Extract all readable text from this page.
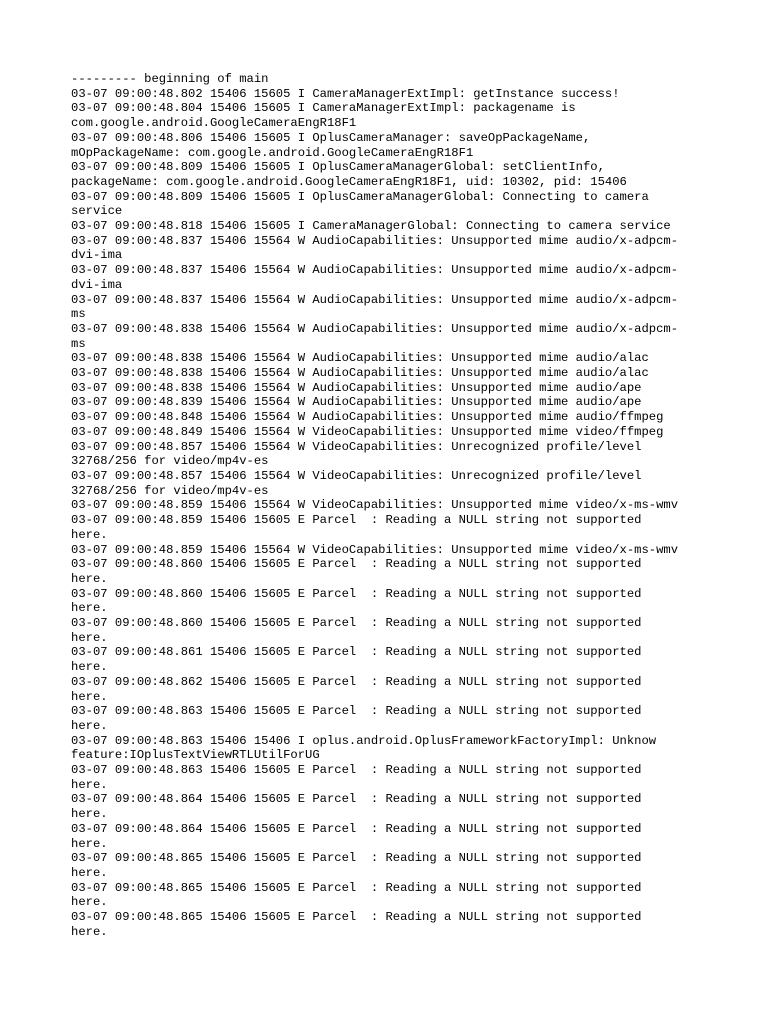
--------- beginning of main
03-07 09:00:48.802 15406 15605 I CameraManagerExtImpl: getInstance success!
03-07 09:00:48.804 15406 15605 I CameraManagerExtImpl: packagename is
com.google.android.GoogleCameraEngR18F1
03-07 09:00:48.806 15406 15605 I OplusCameraManager: saveOpPackageName,
mOpPackageName: com.google.android.GoogleCameraEngR18F1
03-07 09:00:48.809 15406 15605 I OplusCameraManagerGlobal: setClientInfo,
packageName: com.google.android.GoogleCameraEngR18F1, uid: 10302, pid: 15406
03-07 09:00:48.809 15406 15605 I OplusCameraManagerGlobal: Connecting to camera
service
03-07 09:00:48.818 15406 15605 I CameraManagerGlobal: Connecting to camera service
03-07 09:00:48.837 15406 15564 W AudioCapabilities: Unsupported mime audio/x-adpcm-
dvi-ima
03-07 09:00:48.837 15406 15564 W AudioCapabilities: Unsupported mime audio/x-adpcm-
dvi-ima
03-07 09:00:48.837 15406 15564 W AudioCapabilities: Unsupported mime audio/x-adpcm-
ms
03-07 09:00:48.838 15406 15564 W AudioCapabilities: Unsupported mime audio/x-adpcm-
ms
03-07 09:00:48.838 15406 15564 W AudioCapabilities: Unsupported mime audio/alac
03-07 09:00:48.838 15406 15564 W AudioCapabilities: Unsupported mime audio/alac
03-07 09:00:48.838 15406 15564 W AudioCapabilities: Unsupported mime audio/ape
03-07 09:00:48.839 15406 15564 W AudioCapabilities: Unsupported mime audio/ape
03-07 09:00:48.848 15406 15564 W AudioCapabilities: Unsupported mime audio/ffmpeg
03-07 09:00:48.849 15406 15564 W VideoCapabilities: Unsupported mime video/ffmpeg
03-07 09:00:48.857 15406 15564 W VideoCapabilities: Unrecognized profile/level
32768/256 for video/mp4v-es
03-07 09:00:48.857 15406 15564 W VideoCapabilities: Unrecognized profile/level
32768/256 for video/mp4v-es
03-07 09:00:48.859 15406 15564 W VideoCapabilities: Unsupported mime video/x-ms-wmv
03-07 09:00:48.859 15406 15605 E Parcel  : Reading a NULL string not supported
here.
03-07 09:00:48.859 15406 15564 W VideoCapabilities: Unsupported mime video/x-ms-wmv
03-07 09:00:48.860 15406 15605 E Parcel  : Reading a NULL string not supported
here.
03-07 09:00:48.860 15406 15605 E Parcel  : Reading a NULL string not supported
here.
03-07 09:00:48.860 15406 15605 E Parcel  : Reading a NULL string not supported
here.
03-07 09:00:48.861 15406 15605 E Parcel  : Reading a NULL string not supported
here.
03-07 09:00:48.862 15406 15605 E Parcel  : Reading a NULL string not supported
here.
03-07 09:00:48.863 15406 15605 E Parcel  : Reading a NULL string not supported
here.
03-07 09:00:48.863 15406 15406 I oplus.android.OplusFrameworkFactoryImpl: Unknow
feature:IOplusTextViewRTLUtilForUG
03-07 09:00:48.863 15406 15605 E Parcel  : Reading a NULL string not supported
here.
03-07 09:00:48.864 15406 15605 E Parcel  : Reading a NULL string not supported
here.
03-07 09:00:48.864 15406 15605 E Parcel  : Reading a NULL string not supported
here.
03-07 09:00:48.865 15406 15605 E Parcel  : Reading a NULL string not supported
here.
03-07 09:00:48.865 15406 15605 E Parcel  : Reading a NULL string not supported
here.
03-07 09:00:48.865 15406 15605 E Parcel  : Reading a NULL string not supported
here.
